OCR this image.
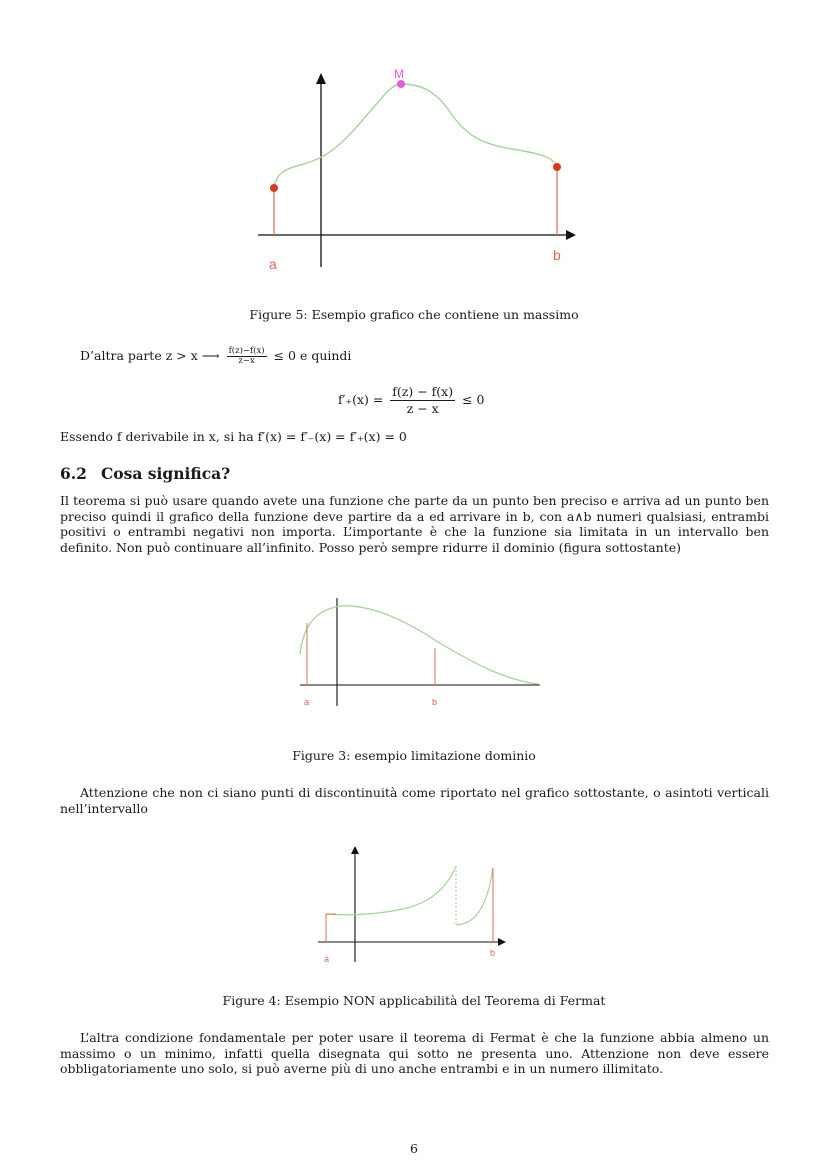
M
a
b
Figure 5: Esempio grafico che contiene un massimo
D’altra parte z > x ⟶ $\frac{f(z)-f(x)}{z-x} \le 0$ e quindi
$f'_+(x) = \frac{f(z) - f(x)}{z - x} \le 0$
Essendo f derivabile in x, si ha f′(x) = f′₋(x) = f′₊(x) = 0
6.2 Cosa significa?
Il teorema si può usare quando avete una funzione che parte da un punto ben preciso e arriva ad un punto ben preciso quindi il grafico della funzione deve partire da a ed arrivare in b, con a∧b numeri qualsiasi, entrambi positivi o entrambi negativi non importa. L’importante è che la funzione sia limitata in un intervallo ben definito. Non può continuare all’infinito. Posso però sempre ridurre il dominio (figura sottostante)
a	b
Figure 3: esempio limitazione dominio
Attenzione che non ci siano punti di discontinuità come riportato nel grafico sottostante, o asintoti verticali nell’intervallo
a
b
Figure 4: Esempio NON applicabilità del Teorema di Fermat
L’altra condizione fondamentale per poter usare il teorema di Fermat è che la funzione abbia almeno un massimo o un minimo, infatti quella disegnata qui sotto ne presenta uno. Attenzione non deve essere obbligatoriamente uno solo, si può averne più di uno anche entrambi e in un numero illimitato.
6
